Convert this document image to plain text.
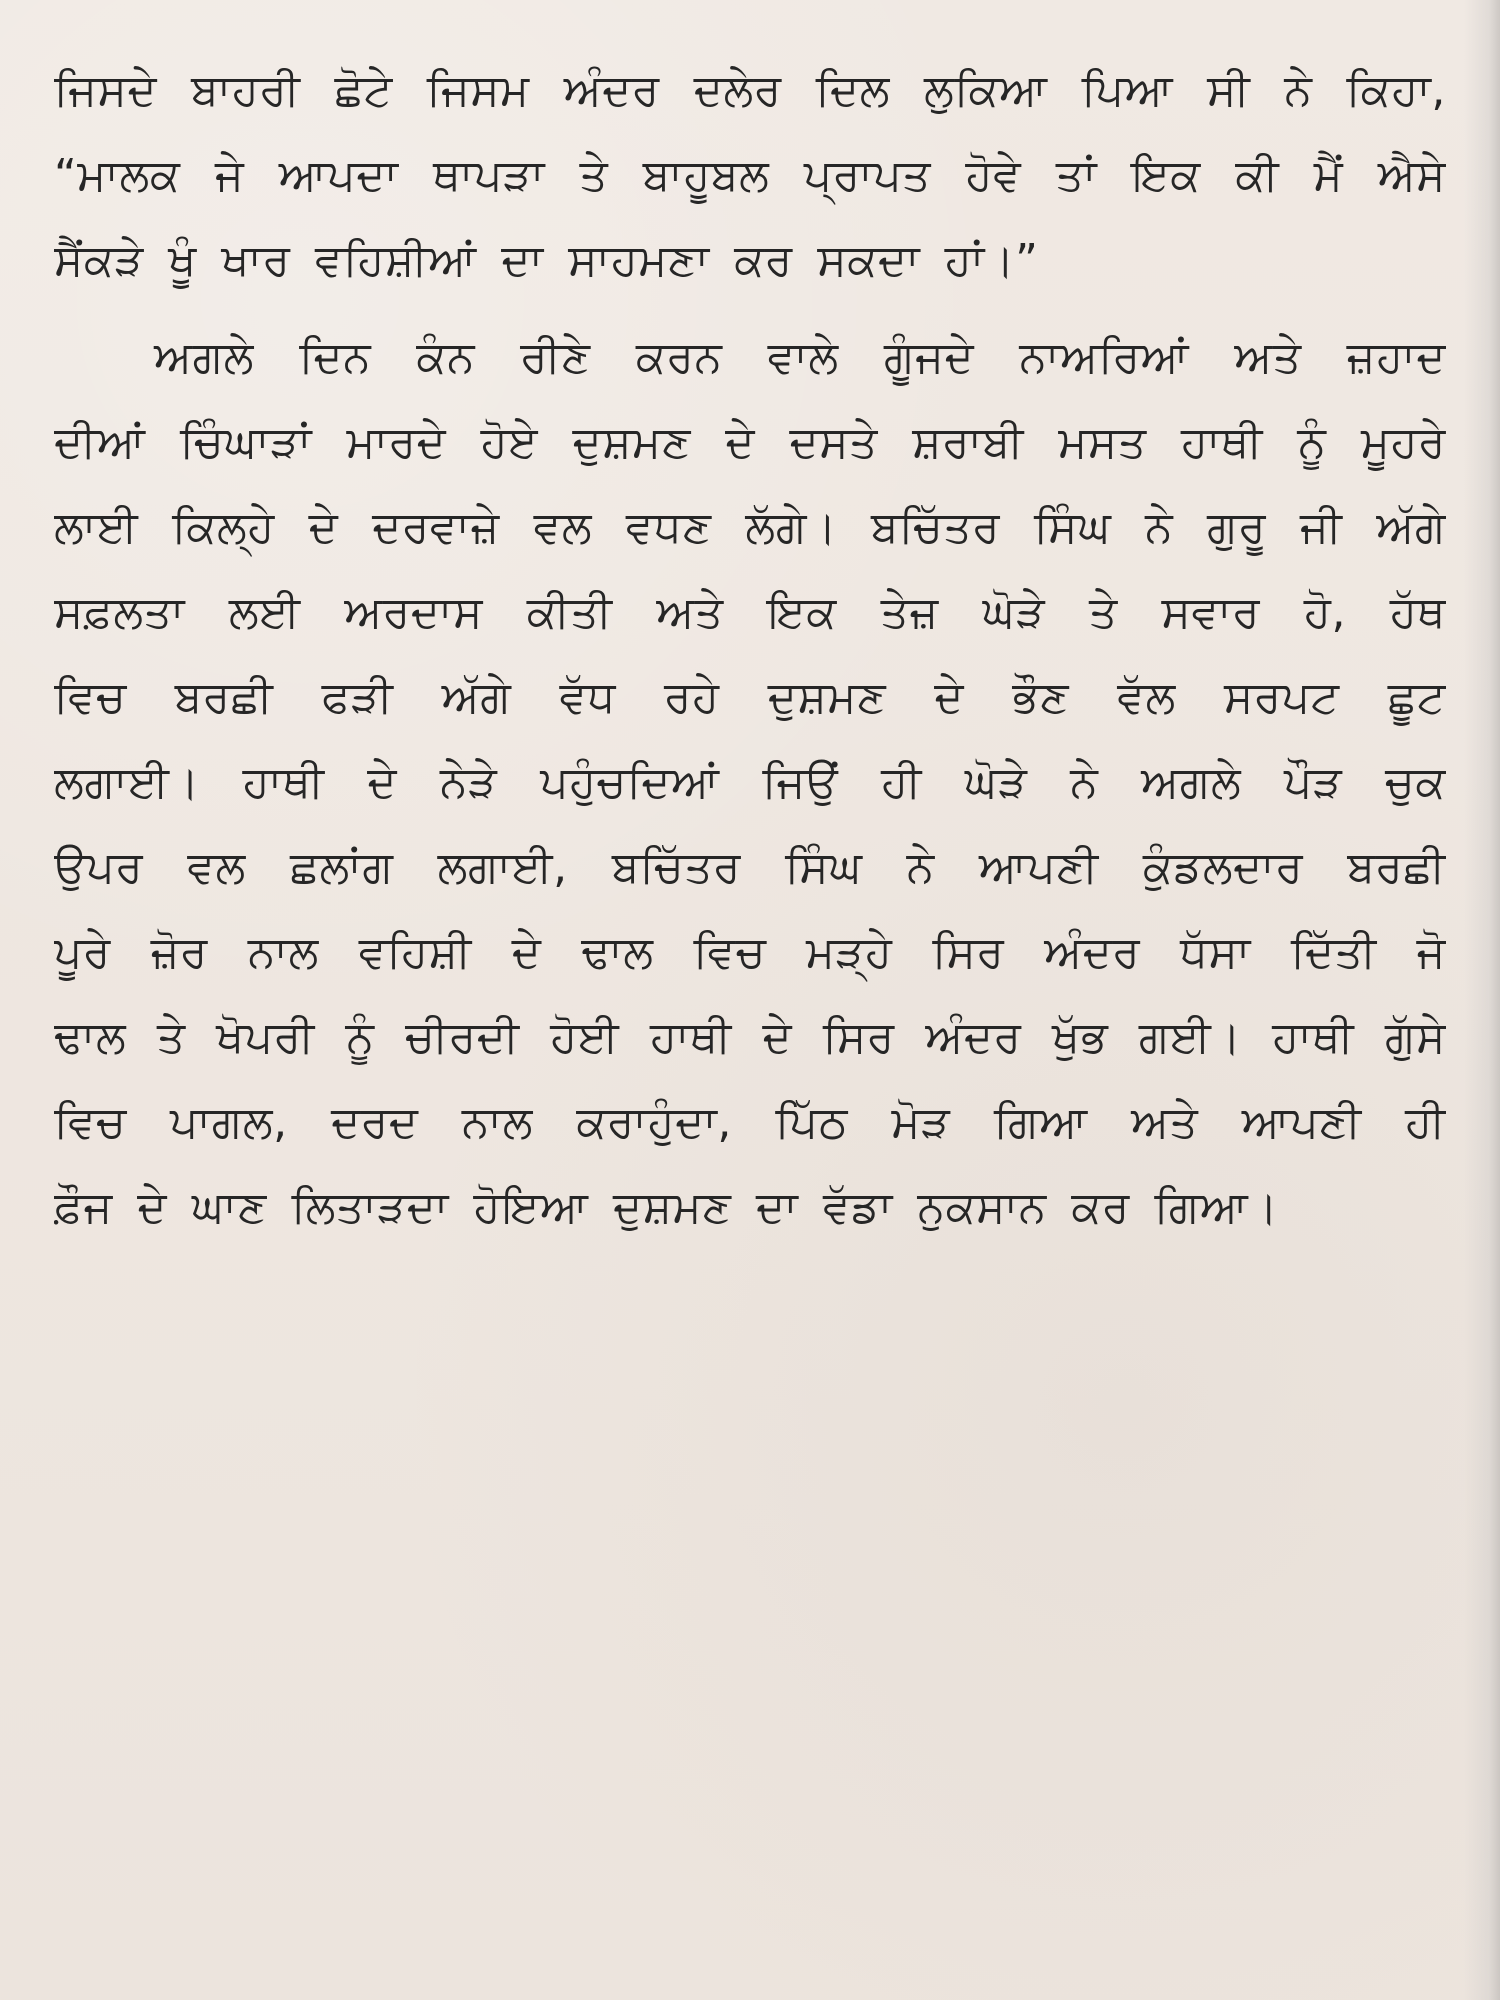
ਜਿਸਦੇ ਬਾਹਰੀ ਛੋਟੇ ਜਿਸਮ ਅੰਦਰ ਦਲੇਰ ਦਿਲ ਲੁਕਿਆ ਪਿਆ ਸੀ ਨੇ ਕਿਹਾ,
“ਮਾਲਕ ਜੇ ਆਪਦਾ ਥਾਪੜਾ ਤੇ ਬਾਹੂਬਲ ਪ੍ਰਾਪਤ ਹੋਵੇ ਤਾਂ ਇਕ ਕੀ ਮੈਂ ਐਸੇ
ਸੈਂਕੜੇ ਖੂੰ ਖਾਰ ਵਹਿਸ਼ੀਆਂ ਦਾ ਸਾਹਮਣਾ ਕਰ ਸਕਦਾ ਹਾਂ।”
ਅਗਲੇ ਦਿਨ ਕੰਨ ਰੀਣੇ ਕਰਨ ਵਾਲੇ ਗੂੰਜਦੇ ਨਾਅਰਿਆਂ ਅਤੇ ਜ਼ਹਾਦ
ਦੀਆਂ ਚਿੰਘਾੜਾਂ ਮਾਰਦੇ ਹੋਏ ਦੁਸ਼ਮਣ ਦੇ ਦਸਤੇ ਸ਼ਰਾਬੀ ਮਸਤ ਹਾਥੀ ਨੂੰ ਮੂਹਰੇ
ਲਾਈ ਕਿਲ੍ਹੇ ਦੇ ਦਰਵਾਜ਼ੇ ਵਲ ਵਧਣ ਲੱਗੇ। ਬਚਿੱਤਰ ਸਿੰਘ ਨੇ ਗੁਰੂ ਜੀ ਅੱਗੇ
ਸਫ਼ਲਤਾ ਲਈ ਅਰਦਾਸ ਕੀਤੀ ਅਤੇ ਇਕ ਤੇਜ਼ ਘੋੜੇ ਤੇ ਸਵਾਰ ਹੋ, ਹੱਥ
ਵਿਚ ਬਰਛੀ ਫੜੀ ਅੱਗੇ ਵੱਧ ਰਹੇ ਦੁਸ਼ਮਣ ਦੇ ਭੌਣ ਵੱਲ ਸਰਪਟ ਛੂਟ
ਲਗਾਈ। ਹਾਥੀ ਦੇ ਨੇੜੇ ਪਹੁੰਚਦਿਆਂ ਜਿਉਂ ਹੀ ਘੋੜੇ ਨੇ ਅਗਲੇ ਪੌੜ ਚੁਕ
ਉਪਰ ਵਲ ਛਲਾਂਗ ਲਗਾਈ, ਬਚਿੱਤਰ ਸਿੰਘ ਨੇ ਆਪਣੀ ਕੁੰਡਲਦਾਰ ਬਰਛੀ
ਪੂਰੇ ਜ਼ੋਰ ਨਾਲ ਵਹਿਸ਼ੀ ਦੇ ਢਾਲ ਵਿਚ ਮੜ੍ਹੇ ਸਿਰ ਅੰਦਰ ਧੱਸਾ ਦਿੱਤੀ ਜੋ
ਢਾਲ ਤੇ ਖੋਪਰੀ ਨੂੰ ਚੀਰਦੀ ਹੋਈ ਹਾਥੀ ਦੇ ਸਿਰ ਅੰਦਰ ਖੁੱਭ ਗਈ। ਹਾਥੀ ਗੁੱਸੇ
ਵਿਚ ਪਾਗਲ, ਦਰਦ ਨਾਲ ਕਰਾਹੁੰਦਾ, ਪਿੱਠ ਮੋੜ ਗਿਆ ਅਤੇ ਆਪਣੀ ਹੀ
ਫ਼ੌਜ ਦੇ ਘਾਣ ਲਿਤਾੜਦਾ ਹੋਇਆ ਦੁਸ਼ਮਣ ਦਾ ਵੱਡਾ ਨੁਕਸਾਨ ਕਰ ਗਿਆ।
